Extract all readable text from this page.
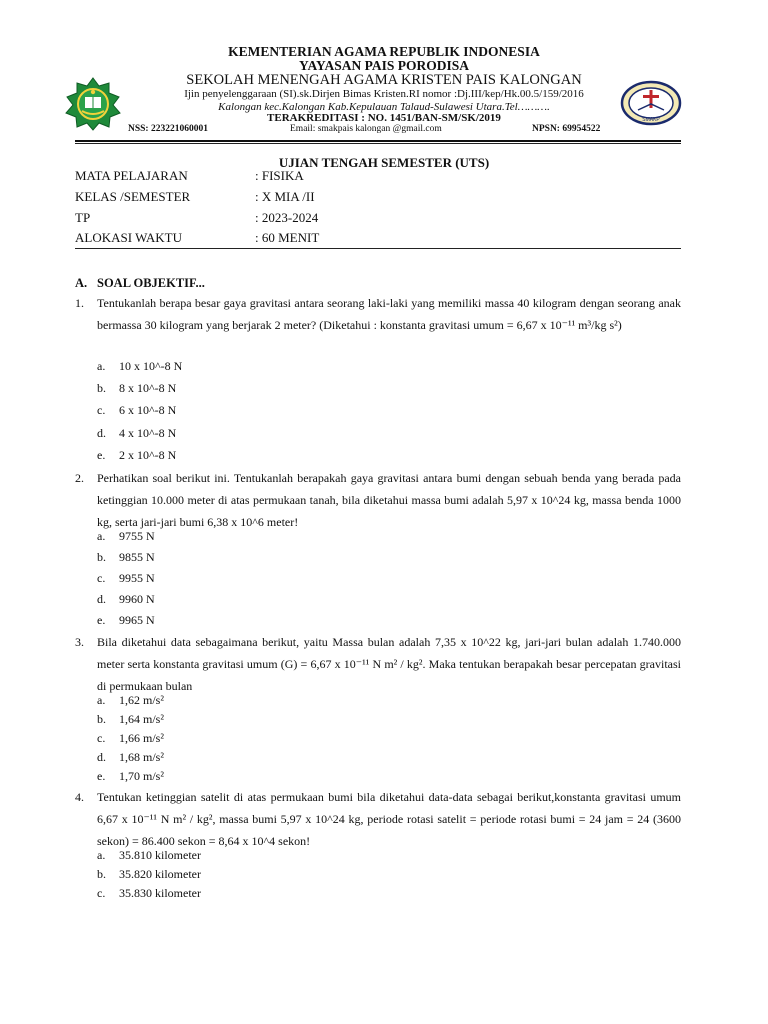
KEMENTERIAN AGAMA REPUBLIK INDONESIA
YAYASAN PAIS PORODISA
SEKOLAH MENENGAH AGAMA KRISTEN PAIS KALONGAN
Ijin penyelenggaraan (SI).sk.Dirjen Bimas Kristen.RI nomor :Dj.III/kep/Hk.00.5/159/2016
Kalongan kec.Kalongan Kab.Kepulauan Talaud-Sulawesi Utara.Tel……….
TERAKREDITASI : NO. 1451/BAN-SM/SK/2019
NSS: 223221060001	Email: smakpais kalongan @gmail.com	NPSN: 69954522
SMAKP
UJIAN TENGAH SEMESTER (UTS)
MATA PELAJARAN	: FISIKA
KELAS /SEMESTER	: X MIA /II
TP	: 2023-2024
ALOKASI WAKTU	: 60 MENIT
A. SOAL OBJEKTIF...
1. Tentukanlah berapa besar gaya gravitasi antara seorang laki-laki yang memiliki massa 40 kilogram dengan seorang anak bermassa 30 kilogram yang berjarak 2 meter? (Diketahui : konstanta gravitasi umum = 6,67 x 10⁻¹¹ m³/kg s²)
a. 10 x 10^-8 N
b. 8 x 10^-8 N
c. 6 x 10^-8 N
d. 4 x 10^-8 N
e. 2 x 10^-8 N
2. Perhatikan soal berikut ini. Tentukanlah berapakah gaya gravitasi antara bumi dengan sebuah benda yang berada pada ketinggian 10.000 meter di atas permukaan tanah, bila diketahui massa bumi adalah 5,97 x 10^24 kg, massa benda 1000 kg, serta jari-jari bumi 6,38 x 10^6 meter!
a. 9755 N
b. 9855 N
c. 9955 N
d. 9960 N
e. 9965 N
3. Bila diketahui data sebagaimana berikut, yaitu Massa bulan adalah 7,35 x 10^22 kg, jari-jari bulan adalah 1.740.000 meter serta konstanta gravitasi umum (G) = 6,67 x 10⁻¹¹ N m² / kg². Maka tentukan berapakah besar percepatan gravitasi di permukaan bulan
a. 1,62 m/s²
b. 1,64 m/s²
c. 1,66 m/s²
d. 1,68 m/s²
e. 1,70 m/s²
4. Tentukan ketinggian satelit di atas permukaan bumi bila diketahui data-data sebagai berikut,konstanta gravitasi umum 6,67 x 10⁻¹¹ N m² / kg², massa bumi 5,97 x 10^24 kg, periode rotasi satelit = periode rotasi bumi = 24 jam = 24 (3600 sekon) = 86.400 sekon = 8,64 x 10^4 sekon!
a. 35.810 kilometer
b. 35.820 kilometer
c. 35.830 kilometer
